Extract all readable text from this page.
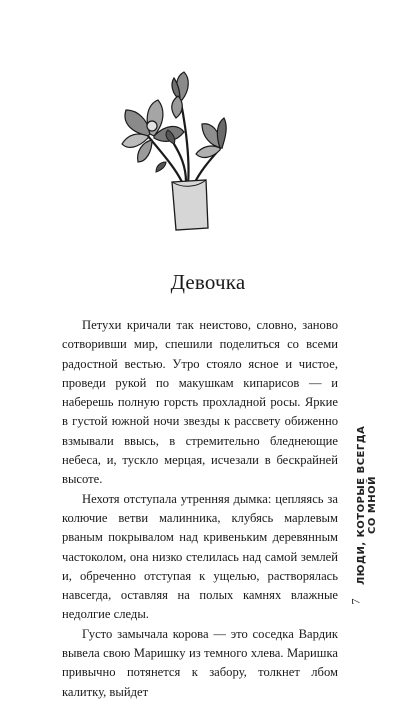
Девочка

Петухи кричали так неистово, словно, заново сотворивши мир, спешили поделиться со всеми радостной вестью. Утро стояло ясное и чистое, проведи рукой по макушкам кипарисов — и наберешь полную горсть прохладной росы. Яркие в густой южной ночи звезды к рассвету обиженно взмывали ввысь, в стремительно бледнеющие небеса, и, тускло мерцая, исчезали в бескрайней высоте.

Нехотя отступала утренняя дымка: цепляясь за колючие ветви малинника, клубясь марлевым рваным покрывалом над кривеньким деревянным частоколом, она низко стелилась над самой землей и, обреченно отступая к ущелью, растворялась навсегда, оставляя на полых камнях влажные недолгие следы.

Густо замычала корова — это соседка Вардик вывела свою Маришку из темного хлева. Маришка привычно потянется к забору, толкнет лбом калитку, выйдет

ЛЮДИ, КОТОРЫЕ ВСЕГДА СО МНОЙ
7
